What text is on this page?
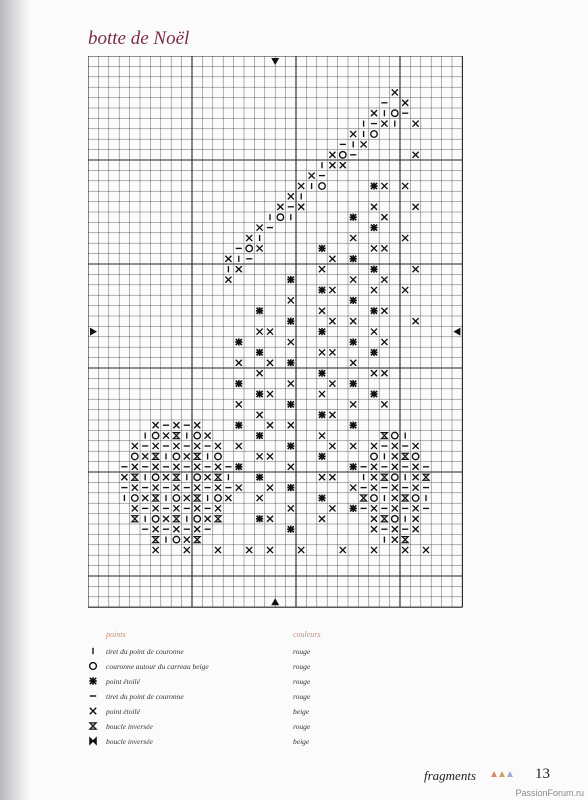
botte de Noël
points	couleurs
tiret du point de couronne	rouge
couronne autour du carreau beige	rouge
point étoilé	rouge
tiret du point de couronne	rouge
point étoilé	beige
boucle inversée	rouge
boucle inversée	beige
fragments	13
PassionForum.ru
